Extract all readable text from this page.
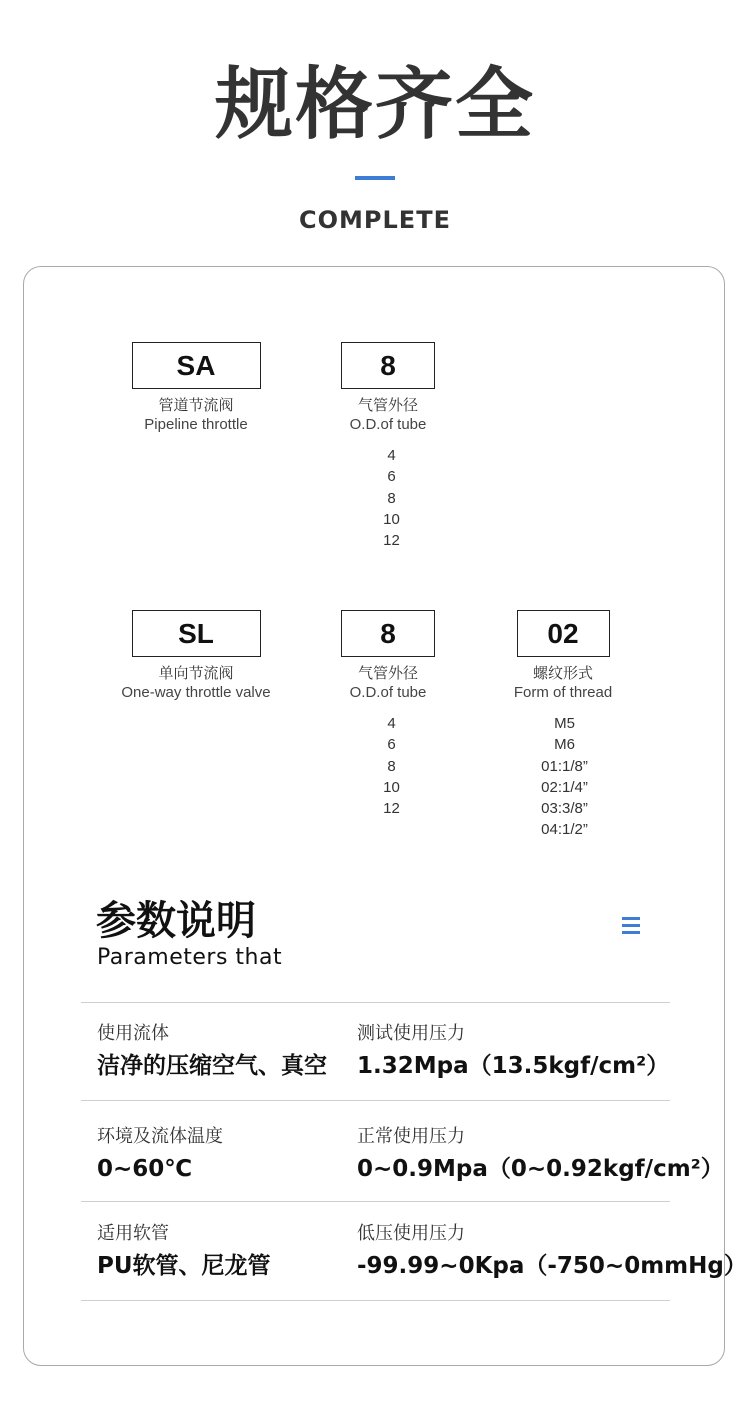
规格齐全
COMPLETE
SA
管道节流阀
Pipeline throttle
8
气管外径
O.D.of tube
4
6
8
10
12
SL
单向节流阀
One-way throttle valve
8
气管外径
O.D.of tube
4
6
8
10
12
02
螺纹形式
Form of thread
M5
M6
01:1/8”
02:1/4”
03:3/8”
04:1/2”
参数说明
Parameters that
使用流体
洁净的压缩空气、真空
测试使用压力
1.32Mpa（13.5kgf/cm²）
环境及流体温度
0~60℃
正常使用压力
0~0.9Mpa（0~0.92kgf/cm²）
适用软管
PU软管、尼龙管
低压使用压力
-99.99~0Kpa（-750~0mmHg）
